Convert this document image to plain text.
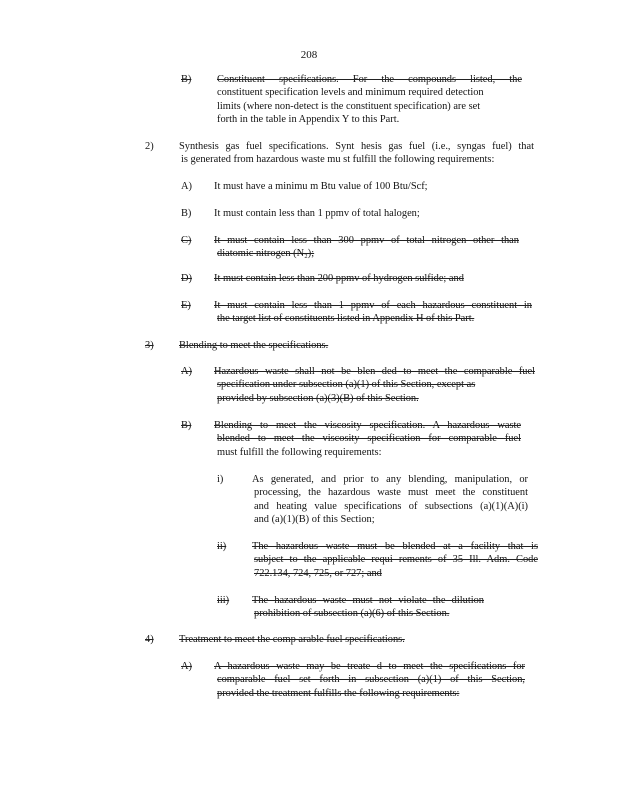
208
B) Constituent specifications. For the compounds listed, the
constituent specification levels and minimum required detection
limits (where non-detect is the constituent specification) are set
forth in the table in Appendix Y to this Part.
2) Synthesis gas fuel specifications. Synt hesis gas fuel (i.e., syngas fuel) that
is generated from hazardous waste mu st fulfill the following requirements:
A) It must have a minimu m Btu value of 100 Btu/Scf;
B) It must contain less than 1 ppmv of total halogen;
C) It must contain less than 300 ppmv of total nitrogen other than
diatomic nitrogen (N₂);
D) It must contain less than 200 ppmv of hydrogen sulfide; and
E) It must contain less than 1 ppmv of each hazardous constituent in
the target list of constituents listed in Appendix H of this Part.
3) Blending to meet the specifications.
A) Hazardous waste shall not be blen ded to meet the comparable fuel
specification under subsection (a)(1) of this Section, except as
provided by subsection (a)(3)(B) of this Section.
B) Blending to meet the viscosity specification. A hazardous waste
blended to meet the viscosity specification for comparable fuel
must fulfill the following requirements:
i)	As generated, and prior to any blending, manipulation, or
processing, the hazardous waste must meet the constituent
and heating value specifications of subsections (a)(1)(A)(i)
and (a)(1)(B) of this Section;
ii) The hazardous waste must be blended at a facility that is
subject to the applicable requi rements of 35 Ill. Adm. Code
722.134, 724, 725, or 727; and
iii) The hazardous waste must not violate the dilution
prohibition of subsection (a)(6) of this Section.
4) Treatment to meet the comp arable fuel specifications.
A) A hazardous waste may be treate d to meet the specifications for
comparable fuel set forth in subsection (a)(1) of this Section,
provided the treatment fulfills the following requirements:
